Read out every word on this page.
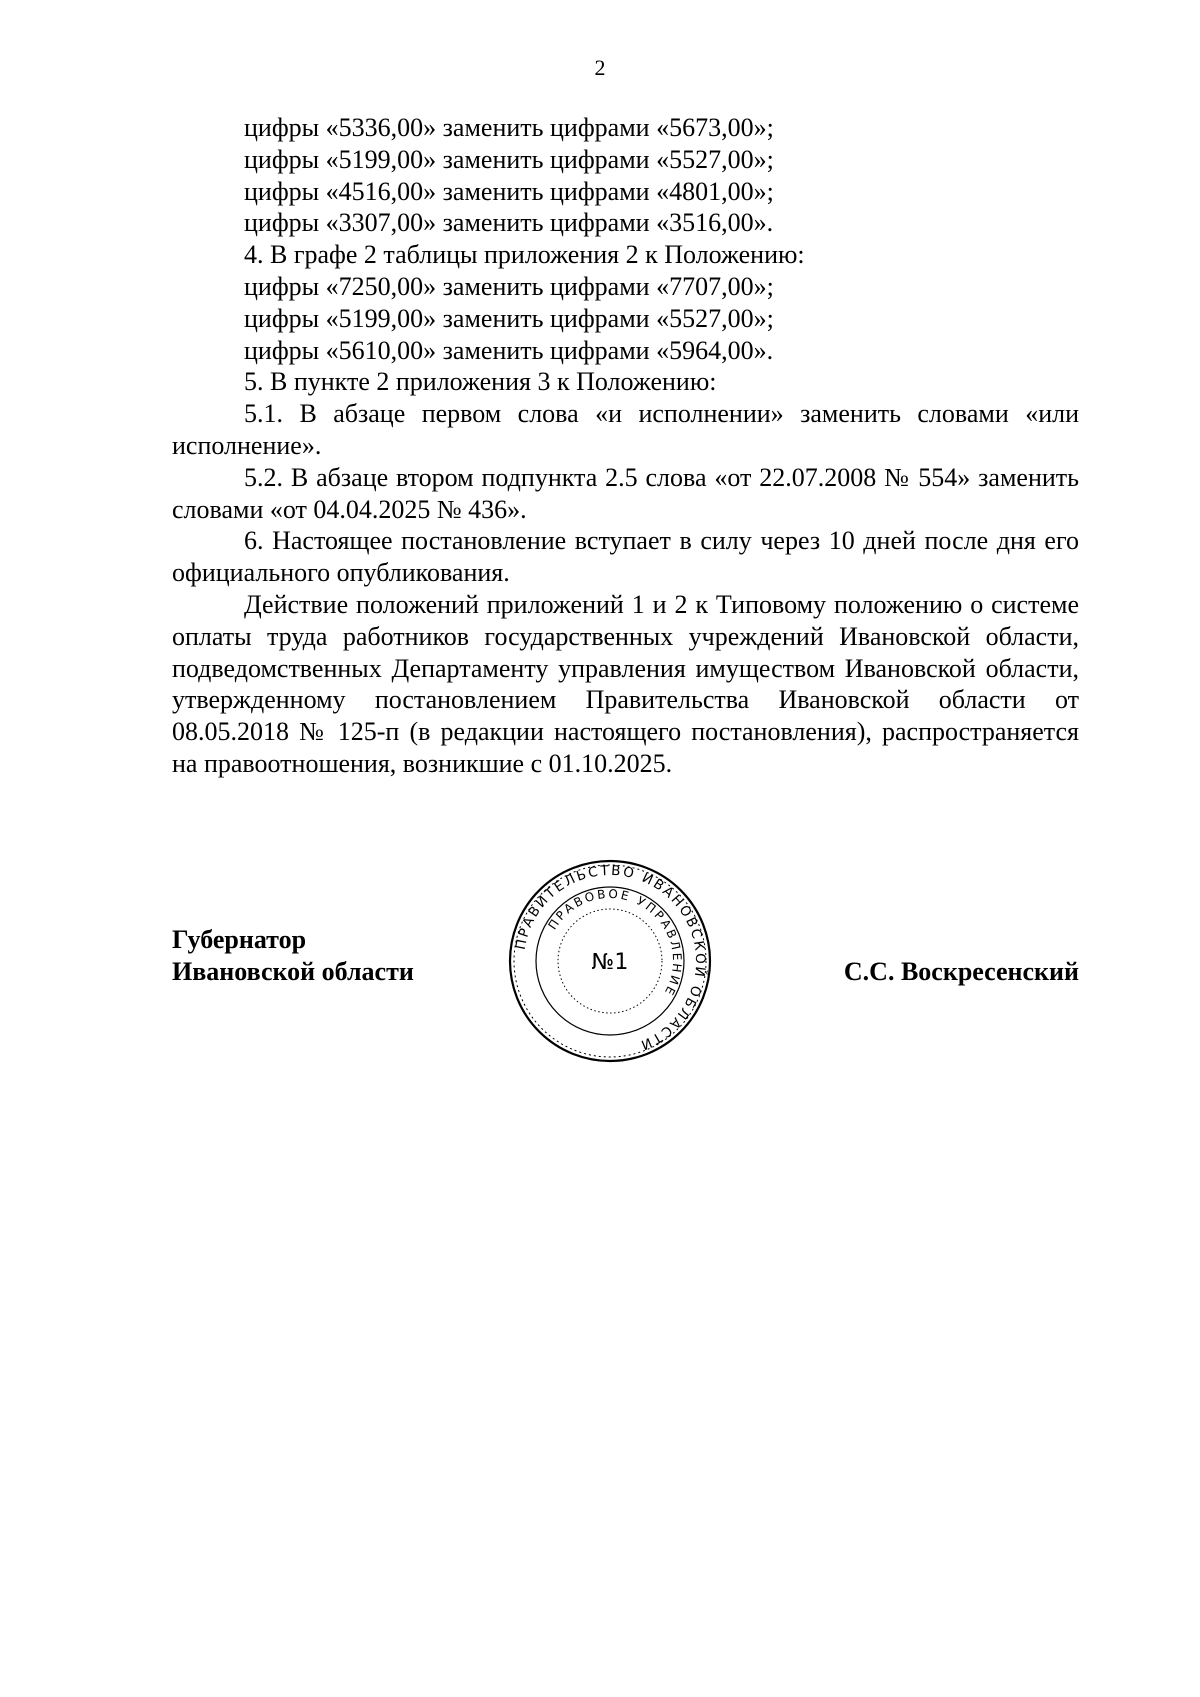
2

цифры «5336,00» заменить цифрами «5673,00»;

цифры «5199,00» заменить цифрами «5527,00»;

цифры «4516,00» заменить цифрами «4801,00»;

цифры «3307,00» заменить цифрами «3516,00».

4. В графе 2 таблицы приложения 2 к Положению:

цифры «7250,00» заменить цифрами «7707,00»;

цифры «5199,00» заменить цифрами «5527,00»;

цифры «5610,00» заменить цифрами «5964,00».

5. В пункте 2 приложения 3 к Положению:

5.1. В абзаце первом слова «и исполнении» заменить словами «или исполнение».

5.2. В абзаце втором подпункта 2.5 слова «от 22.07.2008 № 554» заменить словами «от 04.04.2025 № 436».

6. Настоящее постановление вступает в силу через 10 дней после дня его официального опубликования.

Действие положений приложений 1 и 2 к Типовому положению о системе оплаты труда работников государственных учреждений Ивановской области, подведомственных Департаменту управления имуществом Ивановской области, утвержденному постановлением Правительства Ивановской области от 08.05.2018 № 125-п (в редакции настоящего постановления), распространяется на правоотношения, возникшие с 01.10.2025.

Губернатор
Ивановской области	С.С. Воскресенский
ПРАВИТЕЛЬСТВО ИВАНОВСКОЙ ОБЛАСТИ
ПРАВОВОЕ УПРАВЛЕНИЕ
№1
